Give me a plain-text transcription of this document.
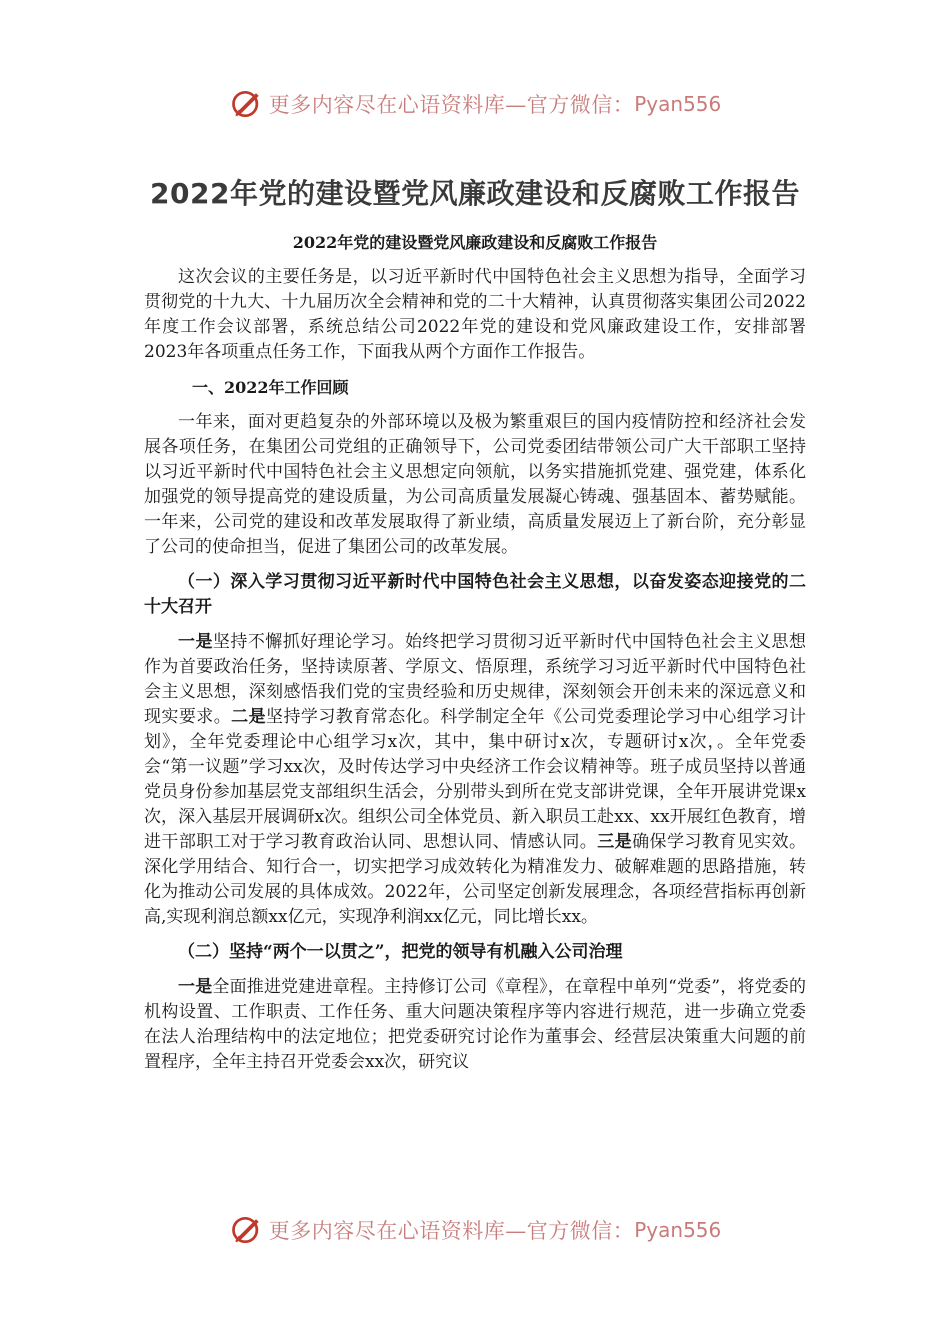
更多内容尽在心语资料库—官方微信： Pyan556
2022年党的建设暨党风廉政建设和反腐败工作报告

2022年党的建设暨党风廉政建设和反腐败工作报告

这次会议的主要任务是，以习近平新时代中国特色社会主义思想为指导，全面学习贯彻党的十九大、十九届历次全会精神和党的二十大精神，认真贯彻落实集团公司2022年度工作会议部署，系统总结公司2022年党的建设和党风廉政建设工作，安排部署2023年各项重点任务工作，下面我从两个方面作工作报告。

一、2022年工作回顾

一年来，面对更趋复杂的外部环境以及极为繁重艰巨的国内疫情防控和经济社会发展各项任务，在集团公司党组的正确领导下，公司党委团结带领公司广大干部职工坚持以习近平新时代中国特色社会主义思想定向领航，以务实措施抓党建、强党建，体系化加强党的领导提高党的建设质量，为公司高质量发展凝心铸魂、强基固本、蓄势赋能。一年来，公司党的建设和改革发展取得了新业绩，高质量发展迈上了新台阶，充分彰显了公司的使命担当，促进了集团公司的改革发展。

（一）深入学习贯彻习近平新时代中国特色社会主义思想，以奋发姿态迎接党的二十大召开

一是坚持不懈抓好理论学习。始终把学习贯彻习近平新时代中国特色社会主义思想作为首要政治任务，坚持读原著、学原文、悟原理，系统学习习近平新时代中国特色社会主义思想，深刻感悟我们党的宝贵经验和历史规律，深刻领会开创未来的深远意义和现实要求。二是坚持学习教育常态化。科学制定全年《公司党委理论学习中心组学习计划》，全年党委理论中心组学习x次，其中，集中研讨x次，专题研讨x次，。全年党委会“第一议题”学习xx次，及时传达学习中央经济工作会议精神等。班子成员坚持以普通党员身份参加基层党支部组织生活会，分别带头到所在党支部讲党课，全年开展讲党课x次，深入基层开展调研x次。组织公司全体党员、新入职员工赴xx、xx开展红色教育，增进干部职工对于学习教育政治认同、思想认同、情感认同。三是确保学习教育见实效。深化学用结合、知行合一，切实把学习成效转化为精准发力、破解难题的思路措施，转化为推动公司发展的具体成效。2022年，公司坚定创新发展理念，各项经营指标再创新高,实现利润总额xx亿元，实现净利润xx亿元，同比增长xx。

（二）坚持“两个一以贯之”，把党的领导有机融入公司治理

一是全面推进党建进章程。主持修订公司《章程》，在章程中单列“党委”，将党委的机构设置、工作职责、工作任务、重大问题决策程序等内容进行规范，进一步确立党委在法人治理结构中的法定地位；把党委研究讨论作为董事会、经营层决策重大问题的前置程序，全年主持召开党委会xx次，研究议

更多内容尽在心语资料库—官方微信： Pyan556
